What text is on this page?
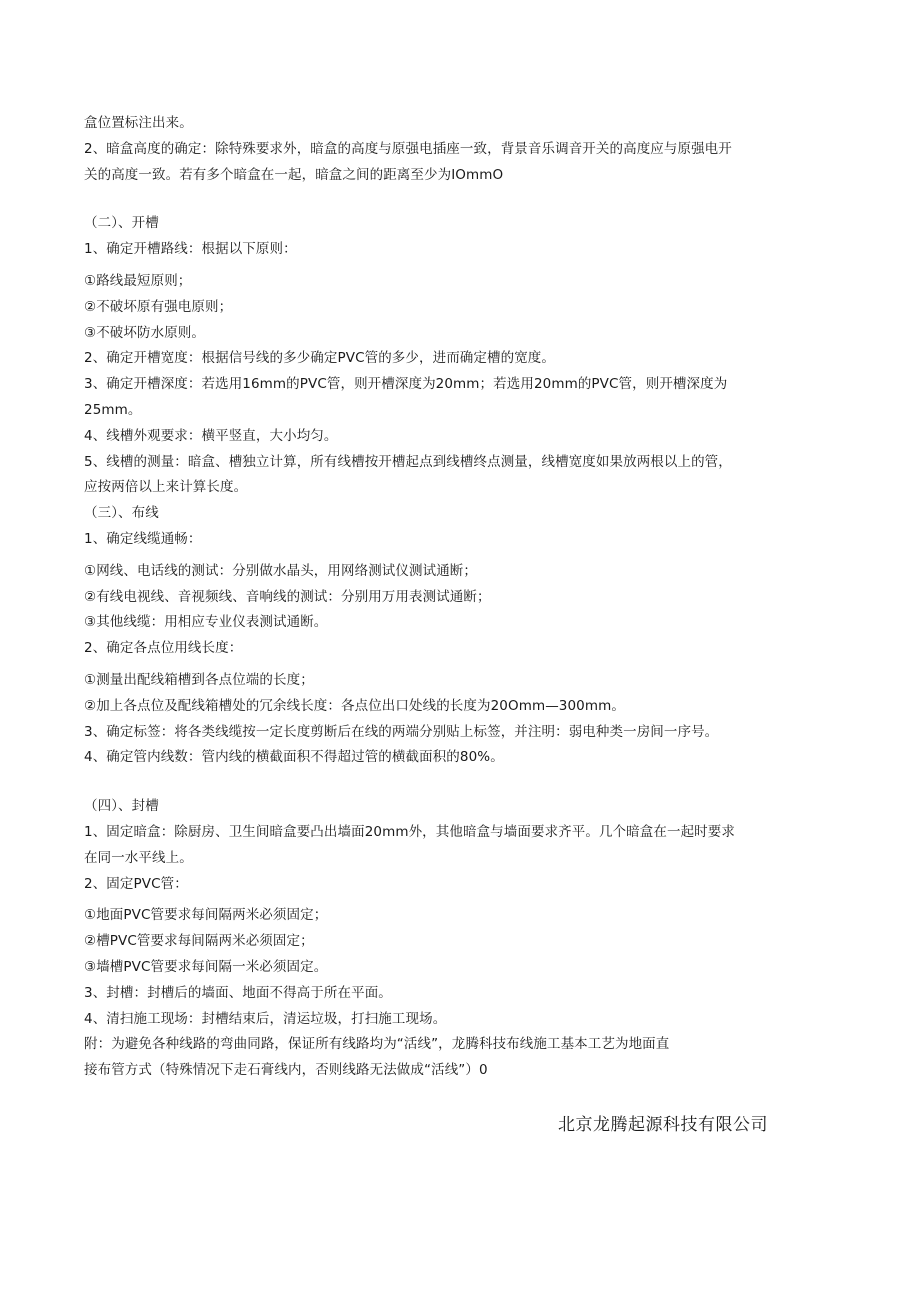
盒位置标注出来。
2、暗盒高度的确定：除特殊要求外，暗盒的高度与原强电插座一致，背景音乐调音开关的高度应与原强电开
关的高度一致。若有多个暗盒在一起，暗盒之间的距离至少为IOmmO
（二）、开槽
1、确定开槽路线：根据以下原则：
①路线最短原则；
②不破坏原有强电原则；
③不破坏防水原则。
2、确定开槽宽度：根据信号线的多少确定PVC管的多少，进而确定槽的宽度。
3、确定开槽深度：若选用16mm的PVC管，则开槽深度为20mm；若选用20mm的PVC管，则开槽深度为
25mm。
4、线槽外观要求：横平竖直，大小均匀。
5、线槽的测量：暗盒、槽独立计算，所有线槽按开槽起点到线槽终点测量，线槽宽度如果放两根以上的管，
应按两倍以上来计算长度。
（三）、布线
1、确定线缆通畅：
①网线、电话线的测试：分别做水晶头，用网络测试仪测试通断；
②有线电视线、音视频线、音响线的测试：分别用万用表测试通断；
③其他线缆：用相应专业仪表测试通断。
2、确定各点位用线长度：
①测量出配线箱槽到各点位端的长度；
②加上各点位及配线箱槽处的冗余线长度：各点位出口处线的长度为20Omm—300mm。
3、确定标签：将各类线缆按一定长度剪断后在线的两端分别贴上标签，并注明：弱电种类一房间一序号。
4、确定管内线数：管内线的横截面积不得超过管的横截面积的80%。
（四）、封槽
1、固定暗盒：除厨房、卫生间暗盒要凸出墙面20mm外，其他暗盒与墙面要求齐平。几个暗盒在一起时要求
在同一水平线上。
2、固定PVC管：
①地面PVC管要求每间隔两米必须固定；
②槽PVC管要求每间隔两米必须固定；
③墙槽PVC管要求每间隔一米必须固定。
3、封槽：封槽后的墙面、地面不得高于所在平面。
4、清扫施工现场：封槽结束后，清运垃圾，打扫施工现场。
附：为避免各种线路的弯曲同路，保证所有线路均为“活线”，龙腾科技布线施工基本工艺为地面直
接布管方式（特殊情况下走石膏线内，否则线路无法做成“活线”）0
北京龙腾起源科技有限公司
